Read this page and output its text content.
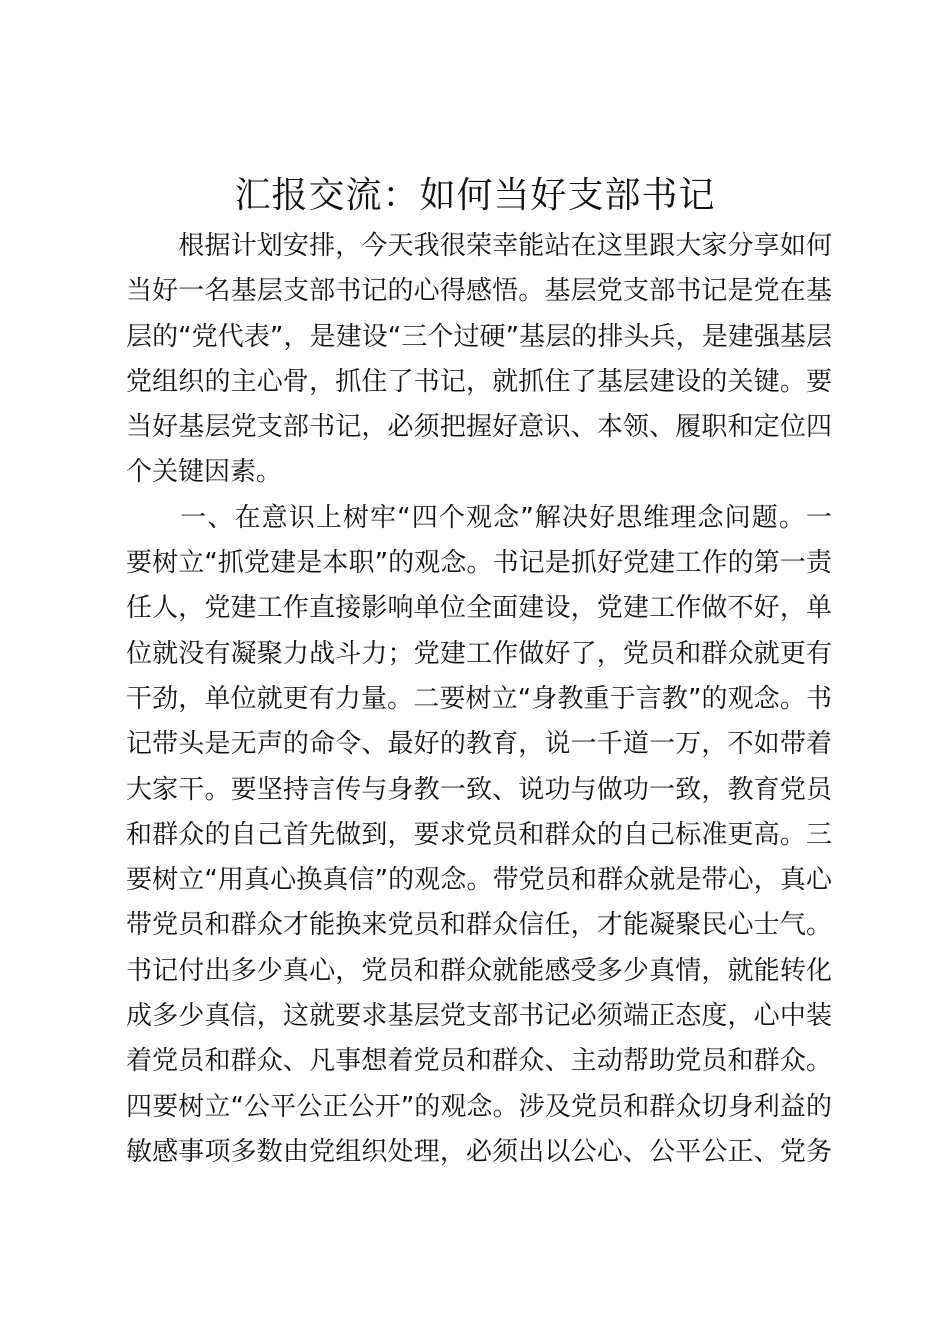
汇报交流：如何当好支部书记
　　根据计划安排，今天我很荣幸能站在这里跟大家分享如何
当好一名基层支部书记的心得感悟。基层党支部书记是党在基
层的“党代表”，是建设“三个过硬”基层的排头兵，是建强基层
党组织的主心骨，抓住了书记，就抓住了基层建设的关键。要
当好基层党支部书记，必须把握好意识、本领、履职和定位四
个关键因素。
　　一、在意识上树牢“四个观念”解决好思维理念问题。一
要树立“抓党建是本职”的观念。书记是抓好党建工作的第一责
任人，党建工作直接影响单位全面建设，党建工作做不好，单
位就没有凝聚力战斗力；党建工作做好了，党员和群众就更有
干劲，单位就更有力量。二要树立“身教重于言教”的观念。书
记带头是无声的命令、最好的教育，说一千道一万，不如带着
大家干。要坚持言传与身教一致、说功与做功一致，教育党员
和群众的自己首先做到，要求党员和群众的自己标准更高。三
要树立“用真心换真信”的观念。带党员和群众就是带心，真心
带党员和群众才能换来党员和群众信任，才能凝聚民心士气。
书记付出多少真心，党员和群众就能感受多少真情，就能转化
成多少真信，这就要求基层党支部书记必须端正态度，心中装
着党员和群众、凡事想着党员和群众、主动帮助党员和群众。
四要树立“公平公正公开”的观念。涉及党员和群众切身利益的
敏感事项多数由党组织处理，必须出以公心、公平公正、党务
